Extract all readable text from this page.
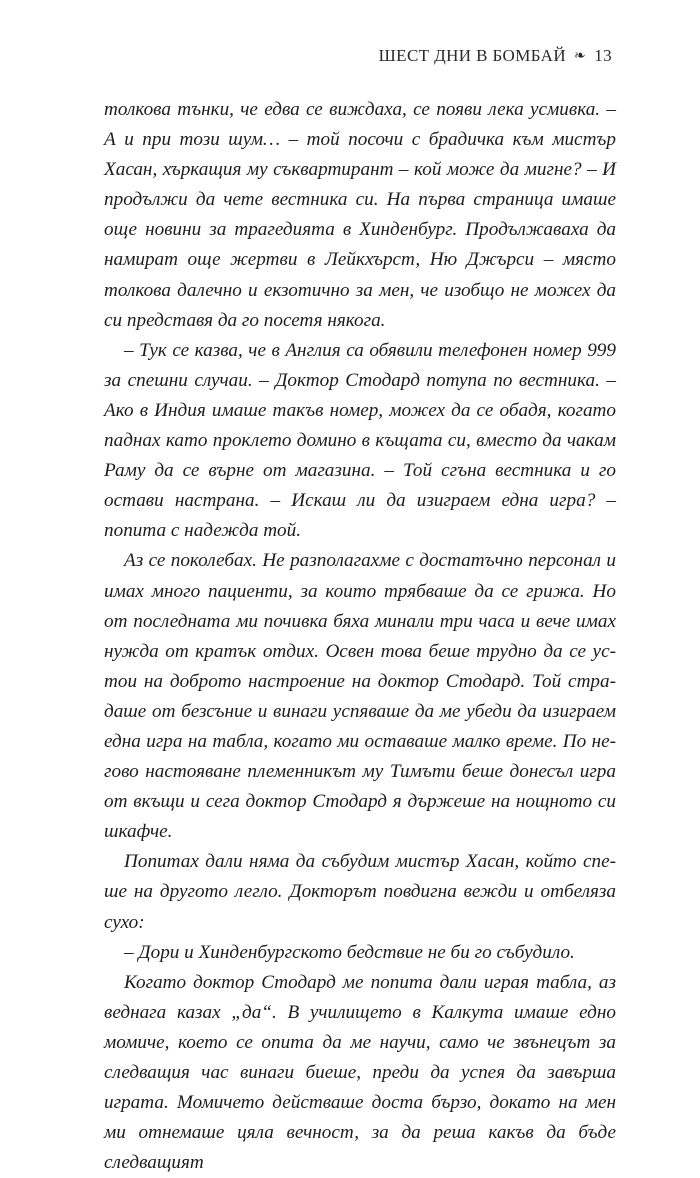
ШЕСТ ДНИ В БОМБАЙ ❧ 13

толкова тънки, че едва се виждаха, се появи лека усмивка. – А и при този шум… – той посочи с брадичка към мистър Хасан, хъркащия му съквартирант – кой може да мигне? – И продължи да чете вестника си. На първа страница имаше още новини за трагедията в Хинденбург. Продължаваха да намират още жертви в Лейкхърст, Ню Джърси – място толкова далечно и екзотично за мен, че изобщо не можех да си представя да го посетя някога.

– Тук се казва, че в Англия са обявили телефонен номер 999 за спешни случаи. – Доктор Стодард потупа по вестника. – Ако в Индия имаше такъв номер, можех да се обадя, когато паднах като проклето домино в къщата си, вместо да чакам Раму да се върне от магазина. – Той сгъна вестника и го остави настрана. – Искаш ли да изиграем една игра? – попита с надежда той.

Аз се поколебах. Не разполагахме с достатъчно персонал и имах много пациенти, за които трябваше да се грижа. Но от последната ми почивка бяха минали три часа и вече имах нужда от кратък отдих. Освен това беше трудно да се устои на доброто настроение на доктор Стодард. Той страдаше от безсъние и винаги успяваше да ме убеди да изиграем една игра на табла, когато ми оставаше малко време. По негово настояване племенникът му Тимъти беше донесъл игра от вкъщи и сега доктор Стодард я държеше на нощното си шкафче.

Попитах дали няма да събудим мистър Хасан, който спеше на другото легло. Докторът повдигна вежди и отбеляза сухо:

– Дори и Хинденбургското бедствие не би го събудило.

Когато доктор Стодард ме попита дали играя табла, аз веднага казах „да“. В училището в Калкута имаше едно момиче, което се опита да ме научи, само че звънецът за следващия час винаги биеше, преди да успея да завърша играта. Момичето действаше доста бързо, докато на мен ми отнемаше цяла вечност, за да реша какъв да бъде следващият
